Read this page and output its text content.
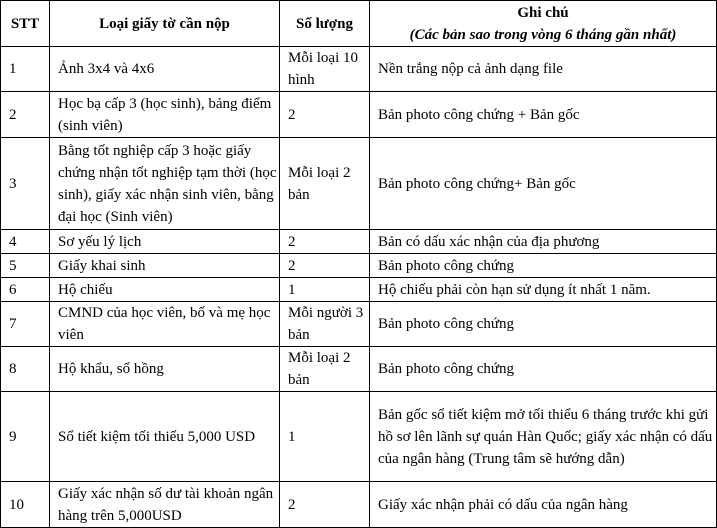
STT	Loại giấy tờ cần nộp	Số lượng	Ghi chú
(Các bản sao trong vòng 6 tháng gần nhất)

1	Ảnh 3x4 và 4x6	Mỗi loại 10 hình	Nền trắng nộp cả ảnh dạng file
2	Học bạ cấp 3 (học sinh), bảng điểm (sinh viên)	2	Bản photo công chứng + Bản gốc
3	Bằng tốt nghiệp cấp 3 hoặc giấy chứng nhận tốt nghiệp tạm thời (học sinh), giấy xác nhận sinh viên, bằng đại học (Sinh viên)	Mỗi loại 2 bản	Bản photo công chứng+ Bản gốc
4	Sơ yếu lý lịch	2	Bản có dấu xác nhận của địa phương
5	Giấy khai sinh	2	Bản photo công chứng
6	Hộ chiếu	1	Hộ chiếu phải còn hạn sử dụng ít nhất 1 năm.
7	CMND của học viên, bố và mẹ học viên	Mỗi người 3 bản	Bản photo công chứng
8	Hộ khẩu, sổ hồng	Mỗi loại 2 bản	Bản photo công chứng
9	Sổ tiết kiệm tối thiểu 5,000 USD	1	Bản gốc sổ tiết kiệm mở tối thiểu 6 tháng trước khi gửi hồ sơ lên lãnh sự quán Hàn Quốc; giấy xác nhận có dấu của ngân hàng (Trung tâm sẽ hướng dẫn)
10	Giấy xác nhận số dư tài khoản ngân hàng trên 5,000USD	2	Giấy xác nhận phải có dấu của ngân hàng
